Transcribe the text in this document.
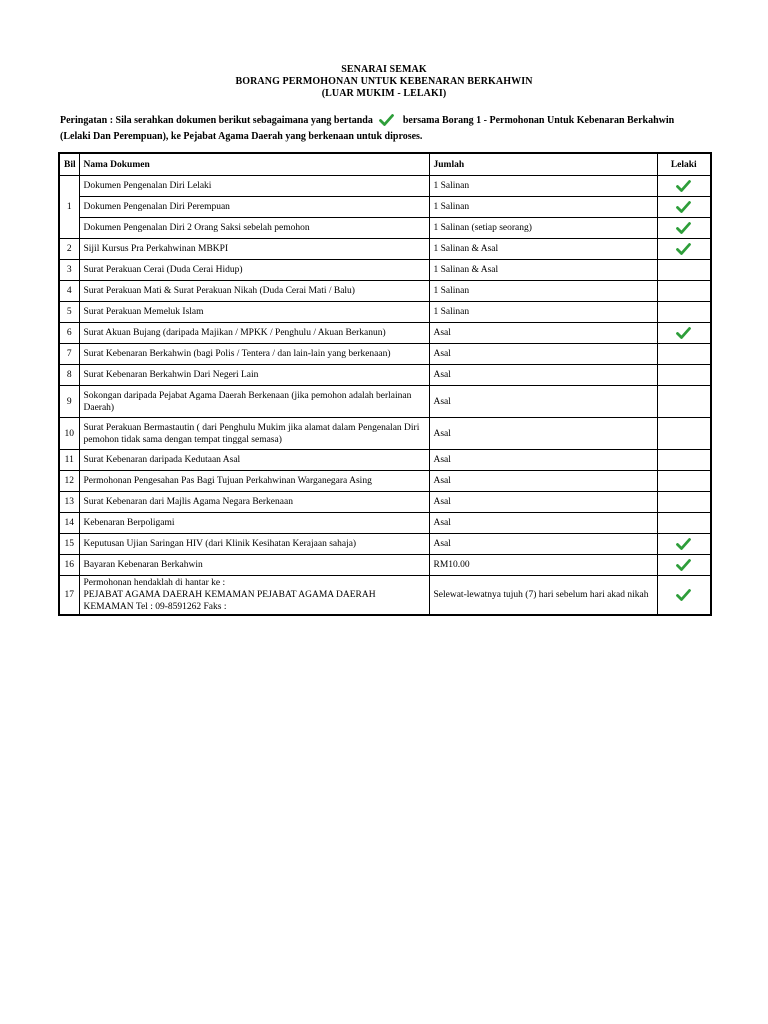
SENARAI SEMAK
BORANG PERMOHONAN UNTUK KEBENARAN BERKAHWIN
(LUAR MUKIM - LELAKI)
Peringatan : Sila serahkan dokumen berikut sebagaimana yang bertanda	bersama Borang 1 - Permohonan Untuk Kebenaran Berkahwin
(Lelaki Dan Perempuan), ke Pejabat Agama Daerah yang berkenaan untuk diproses.
Bil	Nama Dokumen	Jumlah	Lelaki
1	Dokumen Pengenalan Diri Lelaki	1 Salinan	

	Dokumen Pengenalan Diri Perempuan	1 Salinan	

	Dokumen Pengenalan Diri 2 Orang Saksi sebelah pemohon	1 Salinan (setiap seorang)	

2	Sijil Kursus Pra Perkahwinan MBKPI	1 Salinan & Asal	

3	Surat Perakuan Cerai (Duda Cerai Hidup)	1 Salinan & Asal	
4	Surat Perakuan Mati & Surat Perakuan Nikah (Duda Cerai Mati / Balu)	1 Salinan	
5	Surat Perakuan Memeluk Islam	1 Salinan	
6	Surat Akuan Bujang (daripada Majikan / MPKK / Penghulu / Akuan Berkanun)	Asal	

7	Surat Kebenaran Berkahwin (bagi Polis / Tentera / dan lain-lain yang berkenaan)	Asal	
8	Surat Kebenaran Berkahwin Dari Negeri Lain	Asal	
9	Sokongan daripada Pejabat Agama Daerah Berkenaan (jika pemohon adalah berlainan Daerah)	Asal	
10	Surat Perakuan Bermastautin ( dari Penghulu Mukim jika alamat dalam Pengenalan Diri pemohon tidak sama dengan tempat tinggal semasa)	Asal	
11	Surat Kebenaran daripada Kedutaan Asal	Asal	
12	Permohonan Pengesahan Pas Bagi Tujuan Perkahwinan Warganegara Asing	Asal	
13	Surat Kebenaran dari Majlis Agama Negara Berkenaan	Asal	
14	Kebenaran Berpoligami	Asal	
15	Keputusan Ujian Saringan HIV (dari Klinik Kesihatan Kerajaan sahaja)	Asal	

16	Bayaran Kebenaran Berkahwin	RM10.00	

17	Permohonan hendaklah di hantar ke :
PEJABAT AGAMA DAERAH KEMAMAN PEJABAT AGAMA DAERAH KEMAMAN Tel : 09-8591262 Faks :	Selewat-lewatnya tujuh (7) hari sebelum hari akad nikah	
